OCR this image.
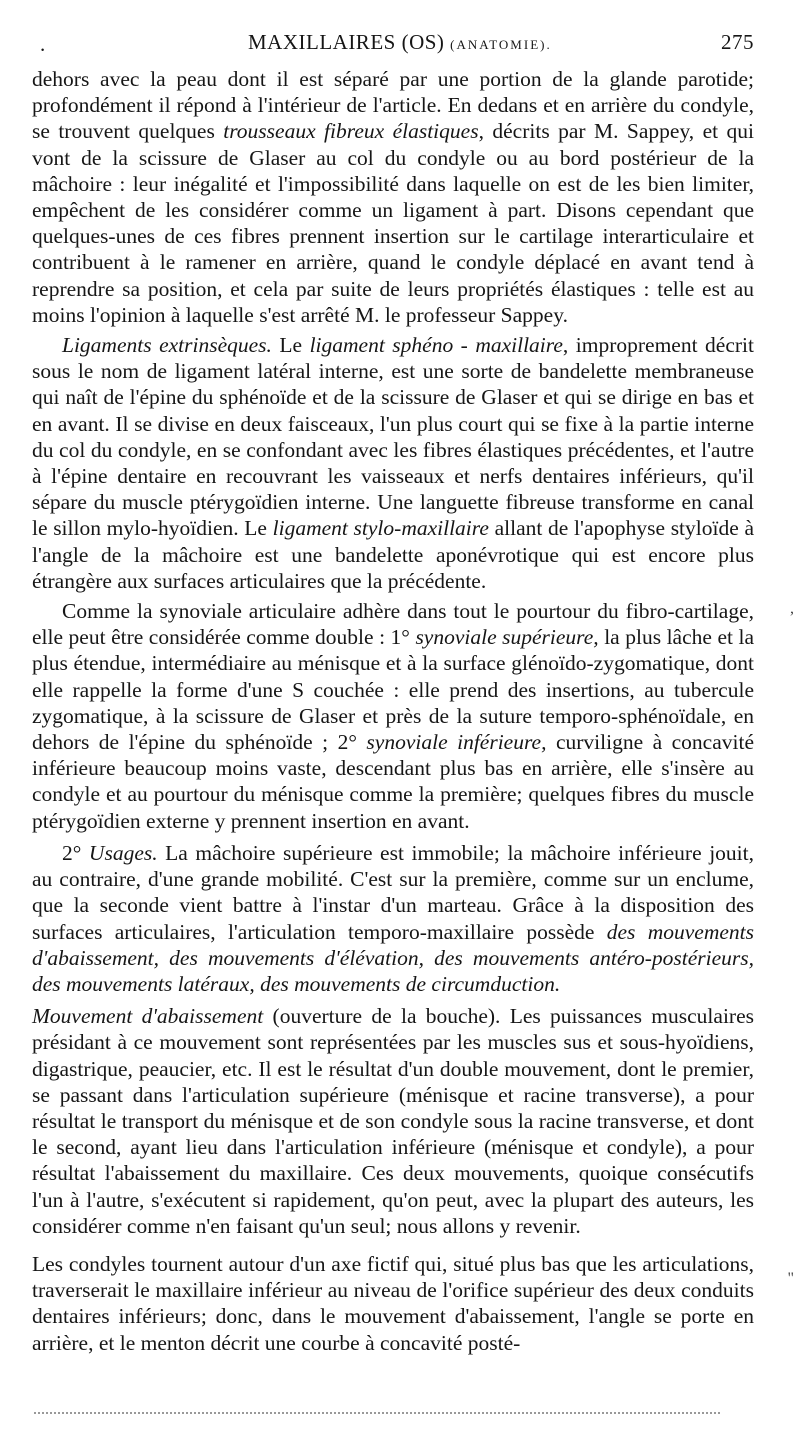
.	MAXILLAIRES (OS) (ANATOMIE).	275

dehors avec la peau dont il est séparé par une portion de la glande parotide; profondément il répond à l'intérieur de l'article. En dedans et en arrière du condyle, se trouvent quelques trousseaux fibreux élastiques, décrits par M. Sappey, et qui vont de la scissure de Glaser au col du condyle ou au bord postérieur de la mâchoire : leur inégalité et l'impossibilité dans laquelle on est de les bien limiter, empêchent de les considérer comme un ligament à part. Disons cependant que quelques-unes de ces fibres prennent insertion sur le cartilage interarticulaire et contribuent à le ramener en arrière, quand le condyle déplacé en avant tend à reprendre sa position, et cela par suite de leurs propriétés élastiques : telle est au moins l'opinion à laquelle s'est arrêté M. le professeur Sappey.

Ligaments extrinsèques. Le ligament sphéno - maxillaire, improprement décrit sous le nom de ligament latéral interne, est une sorte de bandelette membraneuse qui naît de l'épine du sphénoïde et de la scissure de Glaser et qui se dirige en bas et en avant. Il se divise en deux faisceaux, l'un plus court qui se fixe à la partie interne du col du condyle, en se confondant avec les fibres élastiques précédentes, et l'autre à l'épine dentaire en recouvrant les vaisseaux et nerfs dentaires inférieurs, qu'il sépare du muscle ptérygoïdien interne. Une languette fibreuse transforme en canal le sillon mylo-hyoïdien. Le ligament stylo-maxillaire allant de l'apophyse styloïde à l'angle de la mâchoire est une bandelette aponévrotique qui est encore plus étrangère aux surfaces articulaires que la précédente.

Comme la synoviale articulaire adhère dans tout le pourtour du fibro-cartilage, elle peut être considérée comme double : 1° synoviale supérieure, la plus lâche et la plus étendue, intermédiaire au ménisque et à la surface glénoïdo-zygomatique, dont elle rappelle la forme d'une S couchée : elle prend des insertions, au tubercule zygomatique, à la scissure de Glaser et près de la suture temporo-sphénoïdale, en dehors de l'épine du sphénoïde ; 2° synoviale inférieure, curviligne à concavité inférieure beaucoup moins vaste, descendant plus bas en arrière, elle s'insère au condyle et au pourtour du ménisque comme la première; quelques fibres du muscle ptérygoïdien externe y prennent insertion en avant.

2° Usages. La mâchoire supérieure est immobile; la mâchoire inférieure jouit, au contraire, d'une grande mobilité. C'est sur la première, comme sur un enclume, que la seconde vient battre à l'instar d'un marteau. Grâce à la disposition des surfaces articulaires, l'articulation temporo-maxillaire possède des mouvements d'abaissement, des mouvements d'élévation, des mouvements antéro-postérieurs, des mouvements latéraux, des mouvements de circumduction.

Mouvement d'abaissement (ouverture de la bouche). Les puissances musculaires présidant à ce mouvement sont représentées par les muscles sus et sous-hyoïdiens, digastrique, peaucier, etc. Il est le résultat d'un double mouvement, dont le premier, se passant dans l'articulation supérieure (ménisque et racine transverse), a pour résultat le transport du ménisque et de son condyle sous la racine transverse, et dont le second, ayant lieu dans l'articulation inférieure (ménisque et condyle), a pour résultat l'abaissement du maxillaire. Ces deux mouvements, quoique consécutifs l'un à l'autre, s'exécutent si rapidement, qu'on peut, avec la plupart des auteurs, les considérer comme n'en faisant qu'un seul; nous allons y revenir.

Les condyles tournent autour d'un axe fictif qui, situé plus bas que les articulations, traverserait le maxillaire inférieur au niveau de l'orifice supérieur des deux conduits dentaires inférieurs; donc, dans le mouvement d'abaissement, l'angle se porte en arrière, et le menton décrit une courbe à concavité posté-

,
"
